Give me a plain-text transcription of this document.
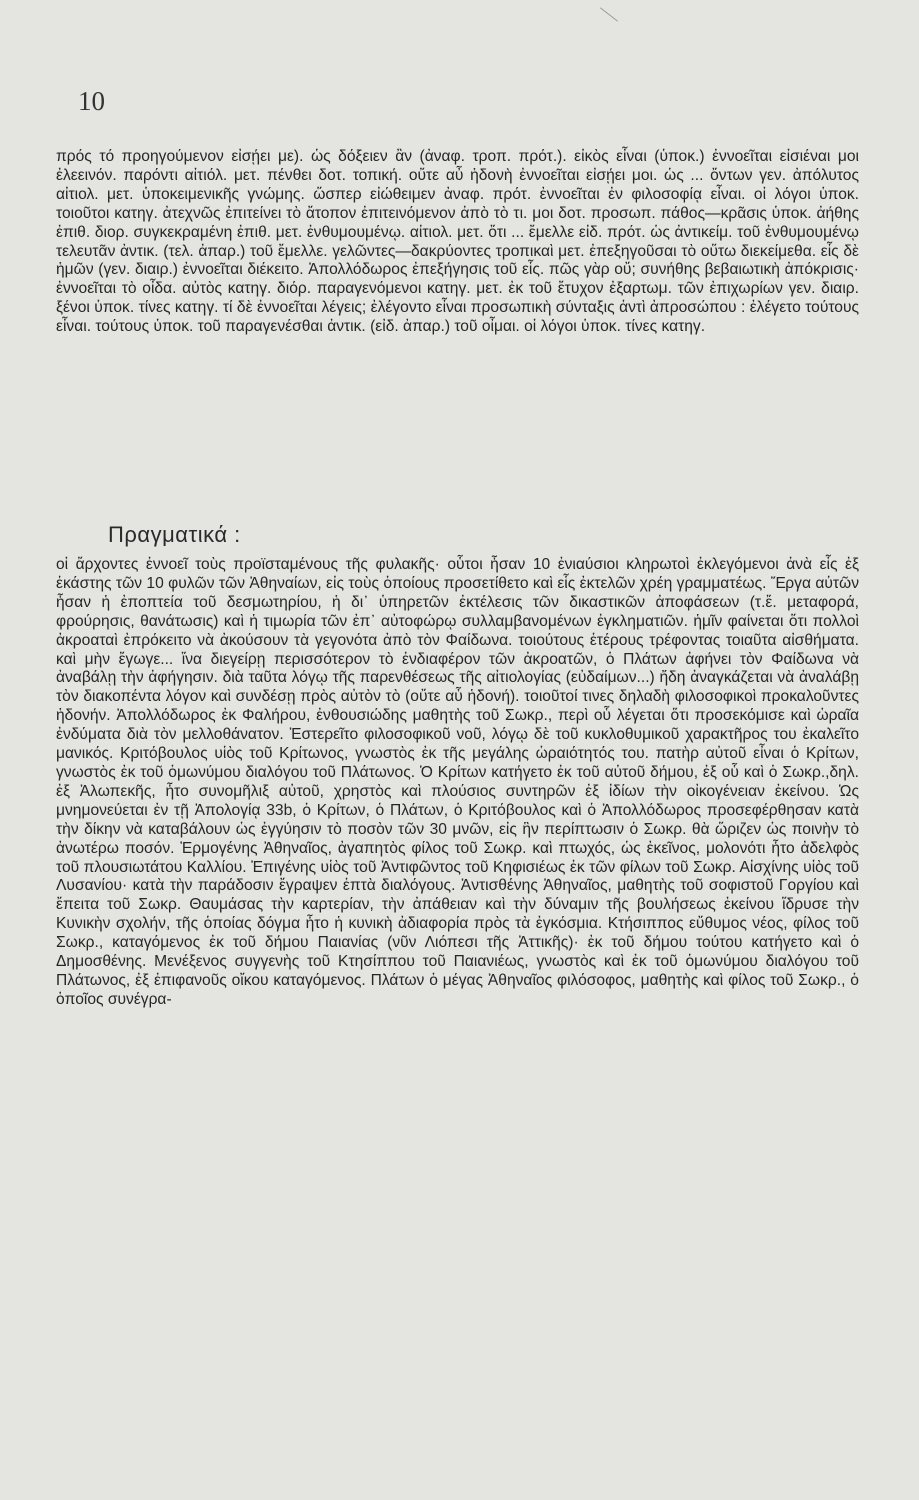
10

πρός τό προηγούμενον εἰσῄει με). ὡς δόξειεν ἂν (ἀναφ. τροπ. πρότ.). εἰκὸς εἶναι (ὑποκ.) ἐννοεῖται εἰσιέναι μοι ἐλεεινόν. παρόντι αἰτιόλ. μετ. πένθει δοτ. τοπική. οὔτε αὖ ἡδονὴ ἐννοεῖται εἰσῄει μοι. ὡς ... ὄντων γεν. ἀπόλυτος αἰτιολ. μετ. ὑποκειμενικῆς γνώμης. ὥσπερ εἰώθειμεν ἀναφ. πρότ. ἐννοεῖται ἐν φιλοσοφίᾳ εἶναι. οἱ λόγοι ὑποκ. τοιοῦτοι κατηγ. ἀτεχνῶς ἐπιτείνει τὸ ἄτοπον ἐπιτεινόμενον ἀπὸ τὸ τι. μοι δοτ. προσωπ. πάθος—κρᾶσις ὑποκ. ἀήθης ἐπιθ. διορ. συγκεκραμένη ἐπιθ. μετ. ἐνθυμουμένῳ. αἰτιολ. μετ. ὅτι ... ἔμελλε εἰδ. πρότ. ὡς ἀντικείμ. τοῦ ἐνθυμουμένῳ τελευτᾶν ἀντικ. (τελ. ἀπαρ.) τοῦ ἔμελλε. γελῶντες—δακρύοντες τροπικαὶ μετ. ἐπεξηγοῦσαι τὸ οὕτω διεκείμεθα. εἷς δὲ ἡμῶν (γεν. διαιρ.) ἐννοεῖται διέκειτο. Ἀπολλόδωρος ἐπεξήγησις τοῦ εἷς. πῶς γὰρ οὔ; συνήθης βεβαιωτικὴ ἀπόκρισις· ἐννοεῖται τὸ οἶδα. αὐτὸς κατηγ. διόρ. παραγενόμενοι κατηγ. μετ. ἐκ τοῦ ἔτυχον ἐξαρτωμ. τῶν ἐπιχωρίων γεν. διαιρ. ξένοι ὑποκ. τίνες κατηγ. τί δὲ ἐννοεῖται λέγεις; ἐλέγοντο εἶναι προσωπικὴ σύνταξις ἀντὶ ἀπροσώπου : ἐλέγετο τούτους εἶναι. τούτους ὑποκ. τοῦ παραγενέσθαι ἀντικ. (εἰδ. ἀπαρ.) τοῦ οἶμαι. οἱ λόγοι ὑποκ. τίνες κατηγ.

Πραγματικά :

οἱ ἄρχοντες ἐννοεῖ τοὺς προϊσταμένους τῆς φυλακῆς· οὗτοι ἦσαν 10 ἐνιαύσιοι κληρωτοὶ ἐκλεγόμενοι ἀνὰ εἷς ἐξ ἑκάστης τῶν 10 φυλῶν τῶν Ἀθηναίων, εἰς τοὺς ὁποίους προσετίθετο καὶ εἷς ἐκτελῶν χρέη γραμματέως. Ἔργα αὐτῶν ἦσαν ἡ ἐποπτεία τοῦ δεσμωτηρίου, ἡ δι᾽ ὑπηρετῶν ἐκτέλεσις τῶν δικαστικῶν ἀποφάσεων (τ.ἔ. μεταφορά, φρούρησις, θανάτωσις) καὶ ἡ τιμωρία τῶν ἐπ᾽ αὐτοφώρῳ συλλαμβανομένων ἐγκληματιῶν. ἡμῖν φαίνεται ὅτι πολλοὶ ἀκροαταὶ ἐπρόκειτο νὰ ἀκούσουν τὰ γεγονότα ἀπὸ τὸν Φαίδωνα. τοιούτους ἑτέρους τρέφοντας τοιαῦτα αἰσθήματα. καὶ μὴν ἔγωγε... ἵνα διεγείρῃ περισσότερον τὸ ἐνδιαφέρον τῶν ἀκροατῶν, ὁ Πλάτων ἀφήνει τὸν Φαίδωνα νὰ ἀναβάλῃ τὴν ἀφήγησιν. διὰ ταῦτα λόγῳ τῆς παρενθέσεως τῆς αἰτιολογίας (εὐδαίμων...) ἤδη ἀναγκάζεται νὰ ἀναλάβῃ τὸν διακοπέντα λόγον καὶ συνδέσῃ πρὸς αὐτὸν τὸ (οὔτε αὖ ἡδονή). τοιοῦτοί τινες δηλαδὴ φιλοσοφικοὶ προκαλοῦντες ἡδονήν. Ἀπολλόδωρος ἐκ Φαλήρου, ἐνθουσιώδης μαθητὴς τοῦ Σωκρ., περὶ οὗ λέγεται ὅτι προσεκόμισε καὶ ὡραῖα ἐνδύματα διὰ τὸν μελλοθάνατον. Ἐστερεῖτο φιλοσοφικοῦ νοῦ, λόγῳ δὲ τοῦ κυκλοθυμικοῦ χαρακτῆρος του ἐκαλεῖτο μανικός. Κριτόβουλος υἱὸς τοῦ Κρίτωνος, γνωστὸς ἐκ τῆς μεγάλης ὡραιότητός του. πατὴρ αὐτοῦ εἶναι ὁ Κρίτων, γνωστὸς ἐκ τοῦ ὁμωνύμου διαλόγου τοῦ Πλάτωνος. Ὁ Κρίτων κατήγετο ἐκ τοῦ αὐτοῦ δήμου, ἐξ οὗ καὶ ὁ Σωκρ.,δηλ. ἐξ Ἀλωπεκῆς, ἦτο συνομῆλιξ αὐτοῦ, χρηστὸς καὶ πλούσιος συντηρῶν ἐξ ἰδίων τὴν οἰκογένειαν ἐκείνου. Ὡς μνημονεύεται ἐν τῇ Ἀπολογίᾳ 33b, ὁ Κρίτων, ὁ Πλάτων, ὁ Κριτόβουλος καὶ ὁ Ἀπολλόδωρος προσεφέρθησαν κατὰ τὴν δίκην νὰ καταβάλουν ὡς ἐγγύησιν τὸ ποσὸν τῶν 30 μνῶν, εἰς ἣν περίπτωσιν ὁ Σωκρ. θὰ ὥριζεν ὡς ποινὴν τὸ ἀνωτέρω ποσόν. Ἑρμογένης Ἀθηναῖος, ἀγαπητὸς φίλος τοῦ Σωκρ. καὶ πτωχός, ὡς ἐκεῖνος, μολονότι ἦτο ἀδελφὸς τοῦ πλουσιωτάτου Καλλίου. Ἐπιγένης υἱὸς τοῦ Ἀντιφῶντος τοῦ Κηφισιέως ἐκ τῶν φίλων τοῦ Σωκρ. Αἰσχίνης υἱὸς τοῦ Λυσανίου· κατὰ τὴν παράδοσιν ἔγραψεν ἑπτὰ διαλόγους. Ἀντισθένης Ἀθηναῖος, μαθητὴς τοῦ σοφιστοῦ Γοργίου καὶ ἔπειτα τοῦ Σωκρ. Θαυμάσας τὴν καρτερίαν, τὴν ἀπάθειαν καὶ τὴν δύναμιν τῆς βουλήσεως ἐκείνου ἵδρυσε τὴν Κυνικὴν σχολήν, τῆς ὁποίας δόγμα ἦτο ἡ κυνικὴ ἀδιαφορία πρὸς τὰ ἐγκόσμια. Κτήσιππος εὔθυμος νέος, φίλος τοῦ Σωκρ., καταγόμενος ἐκ τοῦ δήμου Παιανίας (νῦν Λιόπεσι τῆς Ἀττικῆς)· ἐκ τοῦ δήμου τούτου κατήγετο καὶ ὁ Δημοσθένης. Μενέξενος συγγενὴς τοῦ Κτησίππου τοῦ Παιανιέως, γνωστὸς καὶ ἐκ τοῦ ὁμωνύμου διαλόγου τοῦ Πλάτωνος, ἐξ ἐπιφανοῦς οἴκου καταγόμενος. Πλάτων ὁ μέγας Ἀθηναῖος φιλόσοφος, μαθητὴς καὶ φίλος τοῦ Σωκρ., ὁ ὁποῖος συνέγρα-
